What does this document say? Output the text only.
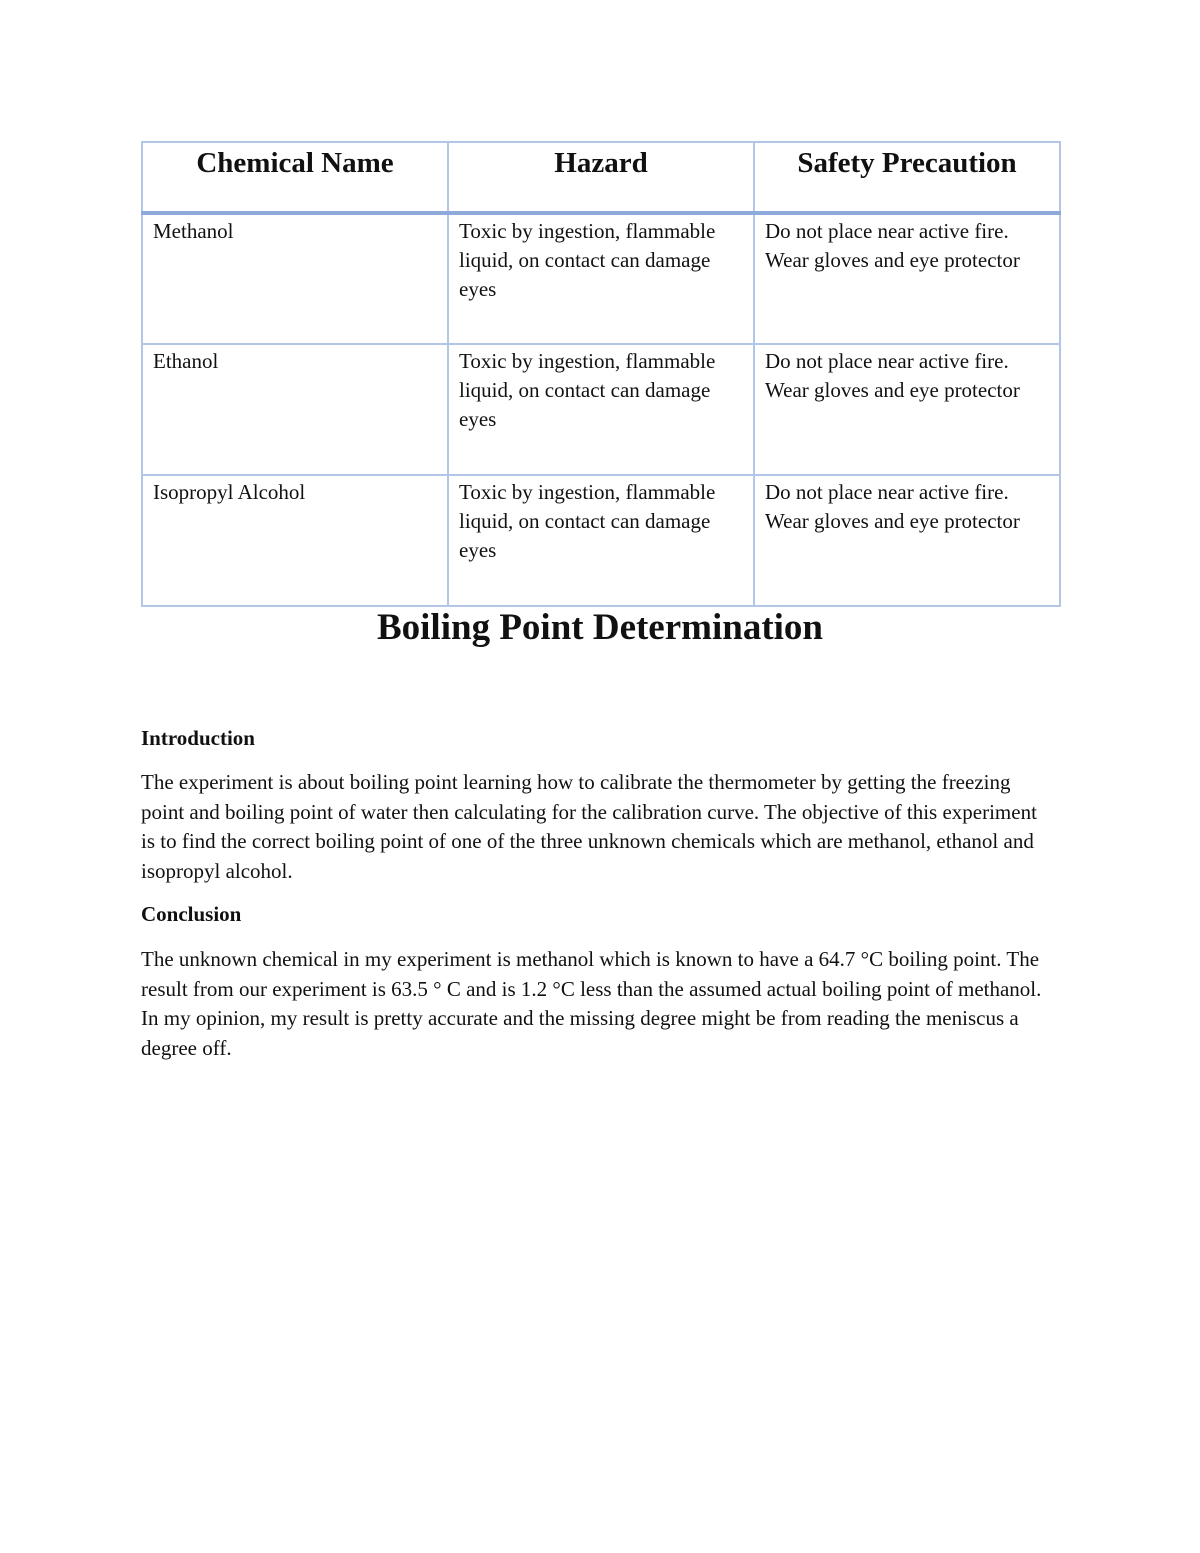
Chemical Name	Hazard	Safety Precaution
Methanol	Toxic by ingestion, flammable liquid, on contact can damage eyes	Do not place near active fire. Wear gloves and eye protector
Ethanol	Toxic by ingestion, flammable liquid, on contact can damage eyes	Do not place near active fire. Wear gloves and eye protector
Isopropyl Alcohol	Toxic by ingestion, flammable liquid, on contact can damage eyes	Do not place near active fire. Wear gloves and eye protector
Boiling Point Determination
Introduction

The experiment is about boiling point learning how to calibrate the thermometer by getting the freezing point and boiling point of water then calculating for the calibration curve. The objective of this experiment is to find the correct boiling point of one of the three unknown chemicals which are methanol, ethanol and isopropyl alcohol.

Conclusion

The unknown chemical in my experiment is methanol which is known to have a 64.7 °C boiling point. The result from our experiment is 63.5 ° C and is 1.2 °C less than the assumed actual boiling point of methanol. In my opinion, my result is pretty accurate and the missing degree might be from reading the meniscus a degree off.
